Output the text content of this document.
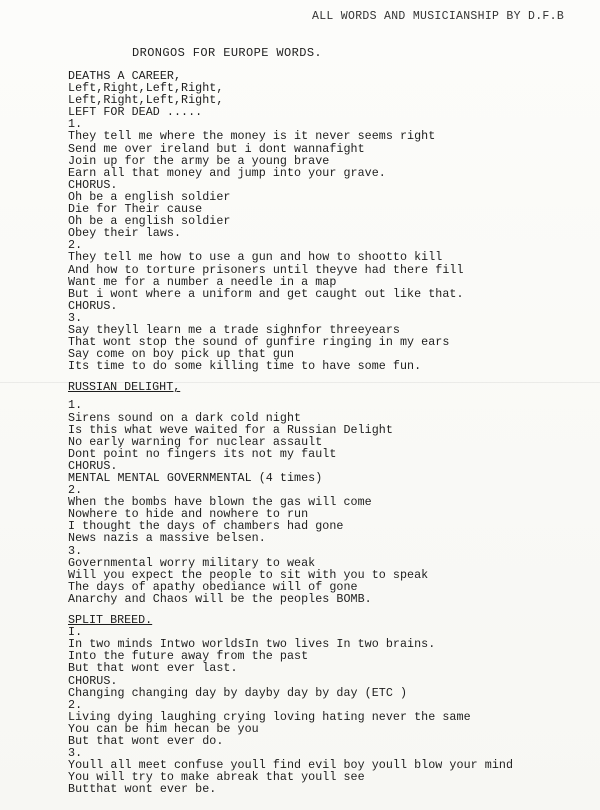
ALL WORDS AND MUSICIANSHIP BY D.F.B
DRONGOS FOR EUROPE WORDS.
DEATHS A CAREER,
Left,Right,Left,Right,
Left,Right,Left,Right,
LEFT FOR DEAD .....
1.
They tell me where the money is it never seems right
Send me over ireland but i dont wannafight
Join up for the army be a young brave
Earn all that money and jump into your grave.
CHORUS.
Oh be a english soldier
Die for Their cause
Oh be a english soldier
Obey their laws.
2.
They tell me how to use a gun and how to shootto kill
And how to torture prisoners until theyve had there fill
Want me for a number a needle in a map
But i wont where a uniform and get caught out like that.
CHORUS.
3.
Say theyll learn me a trade sighnfor threeyears
That wont stop the sound of gunfire ringing in my ears
Say come on boy pick up that gun
Its time to do some killing time to have some fun.
RUSSIAN DELIGHT,
1.
Sirens sound on a dark cold night
Is this what weve waited for a Russian Delight
No early warning for nuclear assault
Dont point no fingers its not my fault
CHORUS.
MENTAL MENTAL GOVERNMENTAL (4 times)
2.
When the bombs have blown the gas will come
Nowhere to hide and nowhere to run
I thought the days of chambers had gone
News nazis a massive belsen.
3.
Governmental worry military to weak
Will you expect the people to sit with you to speak
The days of apathy obediance will of gone
Anarchy and Chaos will be the peoples BOMB.
SPLIT BREED.
I.
In two minds Intwo worldsIn two lives In two brains.
Into the future away from the past
But that wont ever last.
CHORUS.
Changing changing day by dayby day by day (ETC )
2.
Living dying laughing crying loving hating never the same
You can be him hecan be you
But that wont ever do.
3.
Youll all meet confuse youll find evil boy youll blow your mind
You will try to make abreak that youll see
Butthat wont ever be.
